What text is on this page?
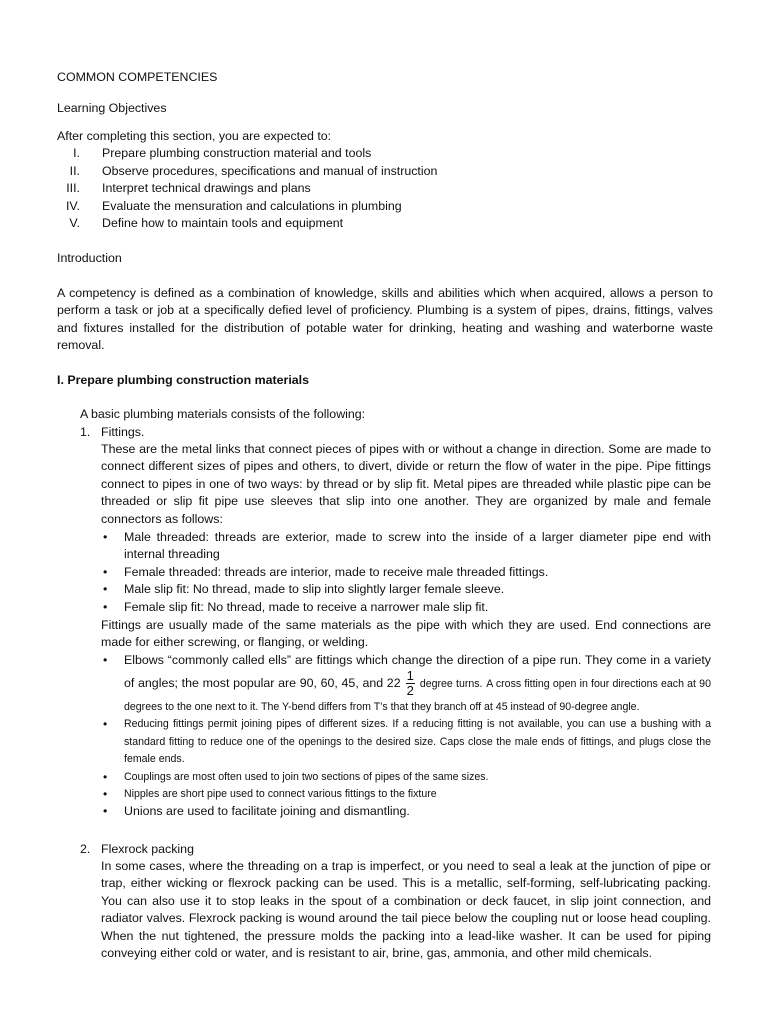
COMMON COMPETENCIES

Learning Objectives

After completing this section, you are expected to:

I. Prepare plumbing construction material and tools
II. Observe procedures, specifications and manual of instruction
III. Interpret technical drawings and plans
IV. Evaluate the mensuration and calculations in plumbing
V. Define how to maintain tools and equipment

Introduction

A competency is defined as a combination of knowledge, skills and abilities which when acquired, allows a person to perform a task or job at a specifically defied level of proficiency. Plumbing is a system of pipes, drains, fittings, valves and fixtures installed for the distribution of potable water for drinking, heating and washing and waterborne waste removal.

I. Prepare plumbing construction materials

A basic plumbing materials consists of the following:

1. Fittings.

These are the metal links that connect pieces of pipes with or without a change in direction. Some are made to connect different sizes of pipes and others, to divert, divide or return the flow of water in the pipe. Pipe fittings connect to pipes in one of two ways: by thread or by slip fit. Metal pipes are threaded while plastic pipe can be threaded or slip fit pipe use sleeves that slip into one another. They are organized by male and female connectors as follows:

• Male threaded: threads are exterior, made to screw into the inside of a larger diameter pipe end with internal threading
• Female threaded: threads are interior, made to receive male threaded fittings.
• Male slip fit: No thread, made to slip into slightly larger female sleeve.
• Female slip fit: No thread, made to receive a narrower male slip fit.

Fittings are usually made of the same materials as the pipe with which they are used. End connections are made for either screwing, or flanging, or welding.

• Elbows “commonly called ells” are fittings which change the direction of a pipe run. They come in a variety of angles; the most popular are 90, 60, 45, and $22 \frac{1}{2}$ degree turns. A cross fitting open in four directions each at 90 degrees to the one next to it. The Y-bend differs from T’s that they branch off at 45 instead of 90-degree angle.
• Reducing fittings permit joining pipes of different sizes. If a reducing fitting is not available, you can use a bushing with a standard fitting to reduce one of the openings to the desired size. Caps close the male ends of fittings, and plugs close the female ends.
• Couplings are most often used to join two sections of pipes of the same sizes.
• Nipples are short pipe used to connect various fittings to the fixture
• Unions are used to facilitate joining and dismantling.
2. Flexrock packing

In some cases, where the threading on a trap is imperfect, or you need to seal a leak at the junction of pipe or trap, either wicking or flexrock packing can be used. This is a metallic, self-forming, self-lubricating packing. You can also use it to stop leaks in the spout of a combination or deck faucet, in slip joint connection, and radiator valves. Flexrock packing is wound around the tail piece below the coupling nut or loose head coupling. When the nut tightened, the pressure molds the packing into a lead-like washer. It can be used for piping conveying either cold or water, and is resistant to air, brine, gas, ammonia, and other mild chemicals.
